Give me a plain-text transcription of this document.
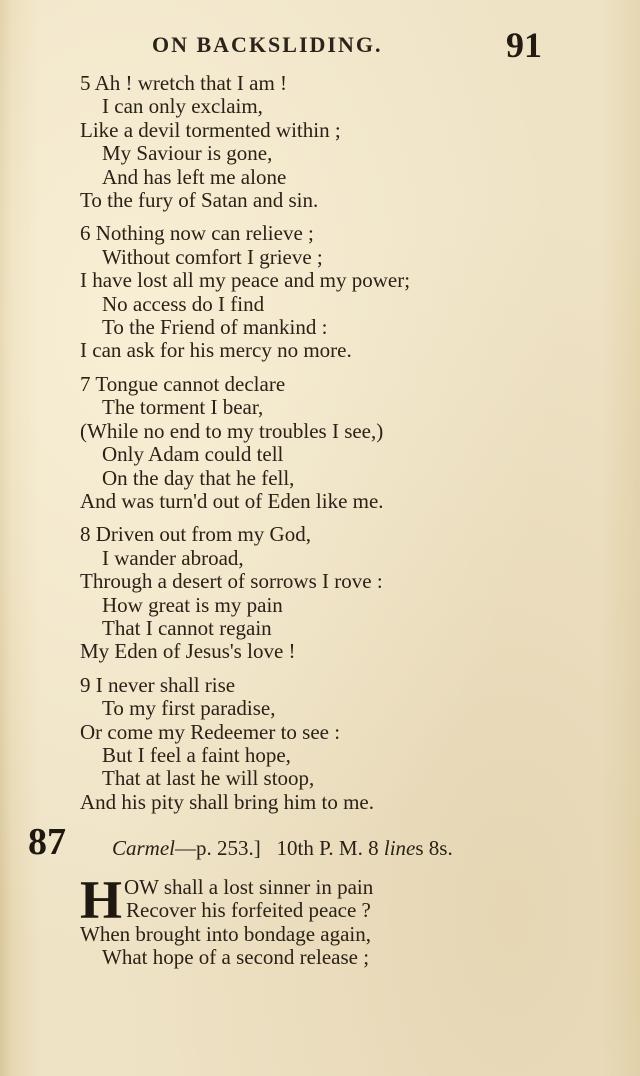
ON BACKSLIDING.	91
5 Ah ! wretch that I am !
I can only exclaim,
Like a devil tormented within ;
My Saviour is gone,
And has left me alone
To the fury of Satan and sin.
6 Nothing now can relieve ;
Without comfort I grieve ;
I have lost all my peace and my power;
No access do I find
To the Friend of mankind :
I can ask for his mercy no more.
7 Tongue cannot declare
The torment I bear,
(While no end to my troubles I see,)
Only Adam could tell
On the day that he fell,
And was turn'd out of Eden like me.
8 Driven out from my God,
I wander abroad,
Through a desert of sorrows I rove :
How great is my pain
That I cannot regain
My Eden of Jesus's love !
9 I never shall rise
To my first paradise,
Or come my Redeemer to see :
But I feel a faint hope,
That at last he will stoop,
And his pity shall bring him to me.
87 Carmel—p. 253.] 10th P. M. 8 lines 8s.
HOW shall a lost sinner in pain
Recover his forfeited peace ?
When brought into bondage again,
What hope of a second release ;
